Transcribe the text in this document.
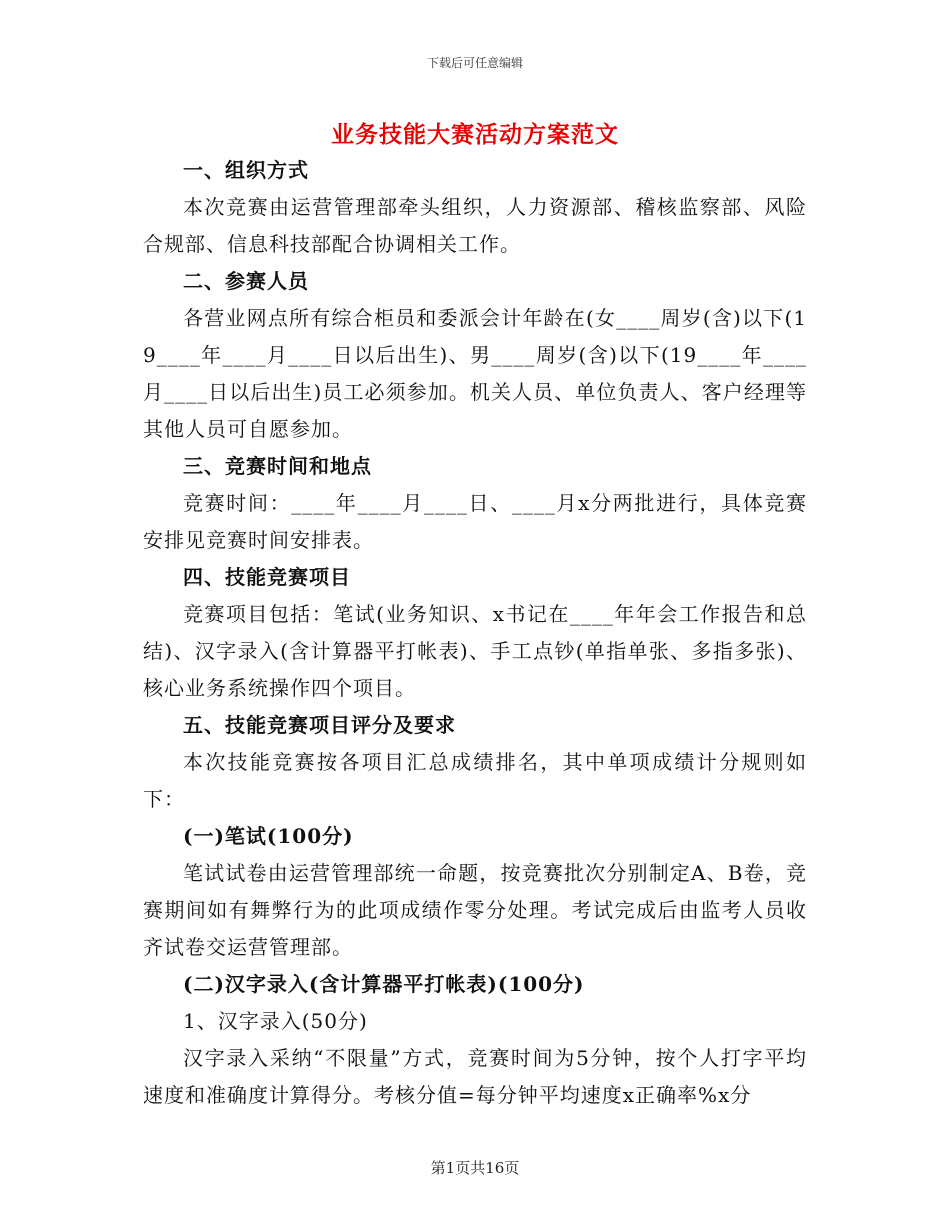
下载后可任意编辑
业务技能大赛活动方案范文

一、组织方式

本次竞赛由运营管理部牵头组织，人力资源部、稽核监察部、风险合规部、信息科技部配合协调相关工作。

二、参赛人员

各营业网点所有综合柜员和委派会计年龄在(女____周岁(含)以下(19____年____月____日以后出生)、男____周岁(含)以下(19____年____月____日以后出生)员工必须参加。机关人员、单位负责人、客户经理等其他人员可自愿参加。

三、竞赛时间和地点

竞赛时间：____年____月____日、____月x分两批进行，具体竞赛安排见竞赛时间安排表。

四、技能竞赛项目

竞赛项目包括：笔试(业务知识、x书记在____年年会工作报告和总结)、汉字录入(含计算器平打帐表)、手工点钞(单指单张、多指多张)、核心业务系统操作四个项目。

五、技能竞赛项目评分及要求

本次技能竞赛按各项目汇总成绩排名，其中单项成绩计分规则如下：

(一)笔试(100分)

笔试试卷由运营管理部统一命题，按竞赛批次分别制定A、B卷，竞赛期间如有舞弊行为的此项成绩作零分处理。考试完成后由监考人员收齐试卷交运营管理部。

(二)汉字录入(含计算器平打帐表)(100分)

1、汉字录入(50分)

汉字录入采纳“不限量”方式，竞赛时间为5分钟，按个人打字平均速度和准确度计算得分。考核分值=每分钟平均速度x正确率%x分

第1页共16页
